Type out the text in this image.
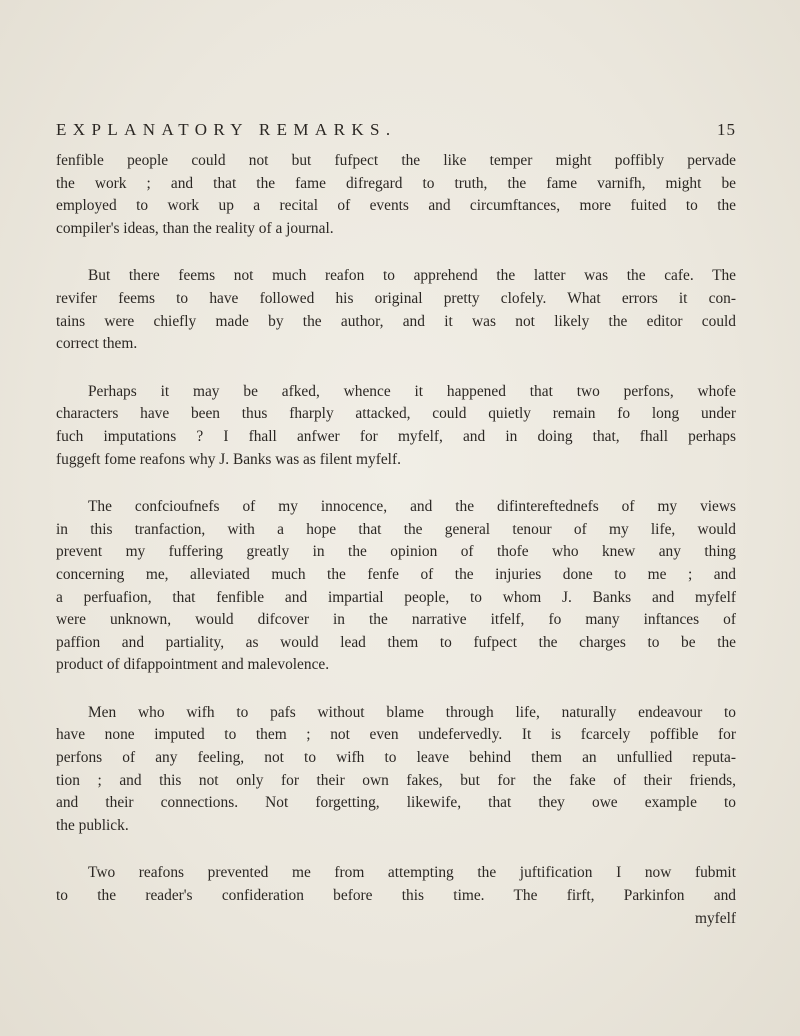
EXPLANATORY REMARKS.	15

fenfible people could not but fufpect the like temper might poffibly pervade
the work ; and that the fame difregard to truth, the fame varnifh, might be
employed to work up a recital of events and circumftances, more fuited to the
compiler's ideas, than the reality of a journal.

But there feems not much reafon to apprehend the latter was the cafe. The
revifer feems to have followed his original pretty clofely. What errors it con-
tains were chiefly made by the author, and it was not likely the editor could
correct them.

Perhaps it may be afked, whence it happened that two perfons, whofe
characters have been thus fharply attacked, could quietly remain fo long under
fuch imputations ? I fhall anfwer for myfelf, and in doing that, fhall perhaps
fuggeft fome reafons why J. Banks was as filent myfelf.

The confcioufnefs of my innocence, and the difintereftednefs of my views
in this tranfaction, with a hope that the general tenour of my life, would
prevent my fuffering greatly in the opinion of thofe who knew any thing
concerning me, alleviated much the fenfe of the injuries done to me ; and
a perfuafion, that fenfible and impartial people, to whom J. Banks and myfelf
were unknown, would difcover in the narrative itfelf, fo many inftances of
paffion and partiality, as would lead them to fufpect the charges to be the
product of difappointment and malevolence.

Men who wifh to pafs without blame through life, naturally endeavour to
have none imputed to them ; not even undefervedly. It is fcarcely poffible for
perfons of any feeling, not to wifh to leave behind them an unfullied reputa-
tion ; and this not only for their own fakes, but for the fake of their friends,
and their connections. Not forgetting, likewife, that they owe example to
the publick.

Two reafons prevented me from attempting the juftification I now fubmit
to the reader's confideration before this time. The firft, Parkinfon and

myfelf
